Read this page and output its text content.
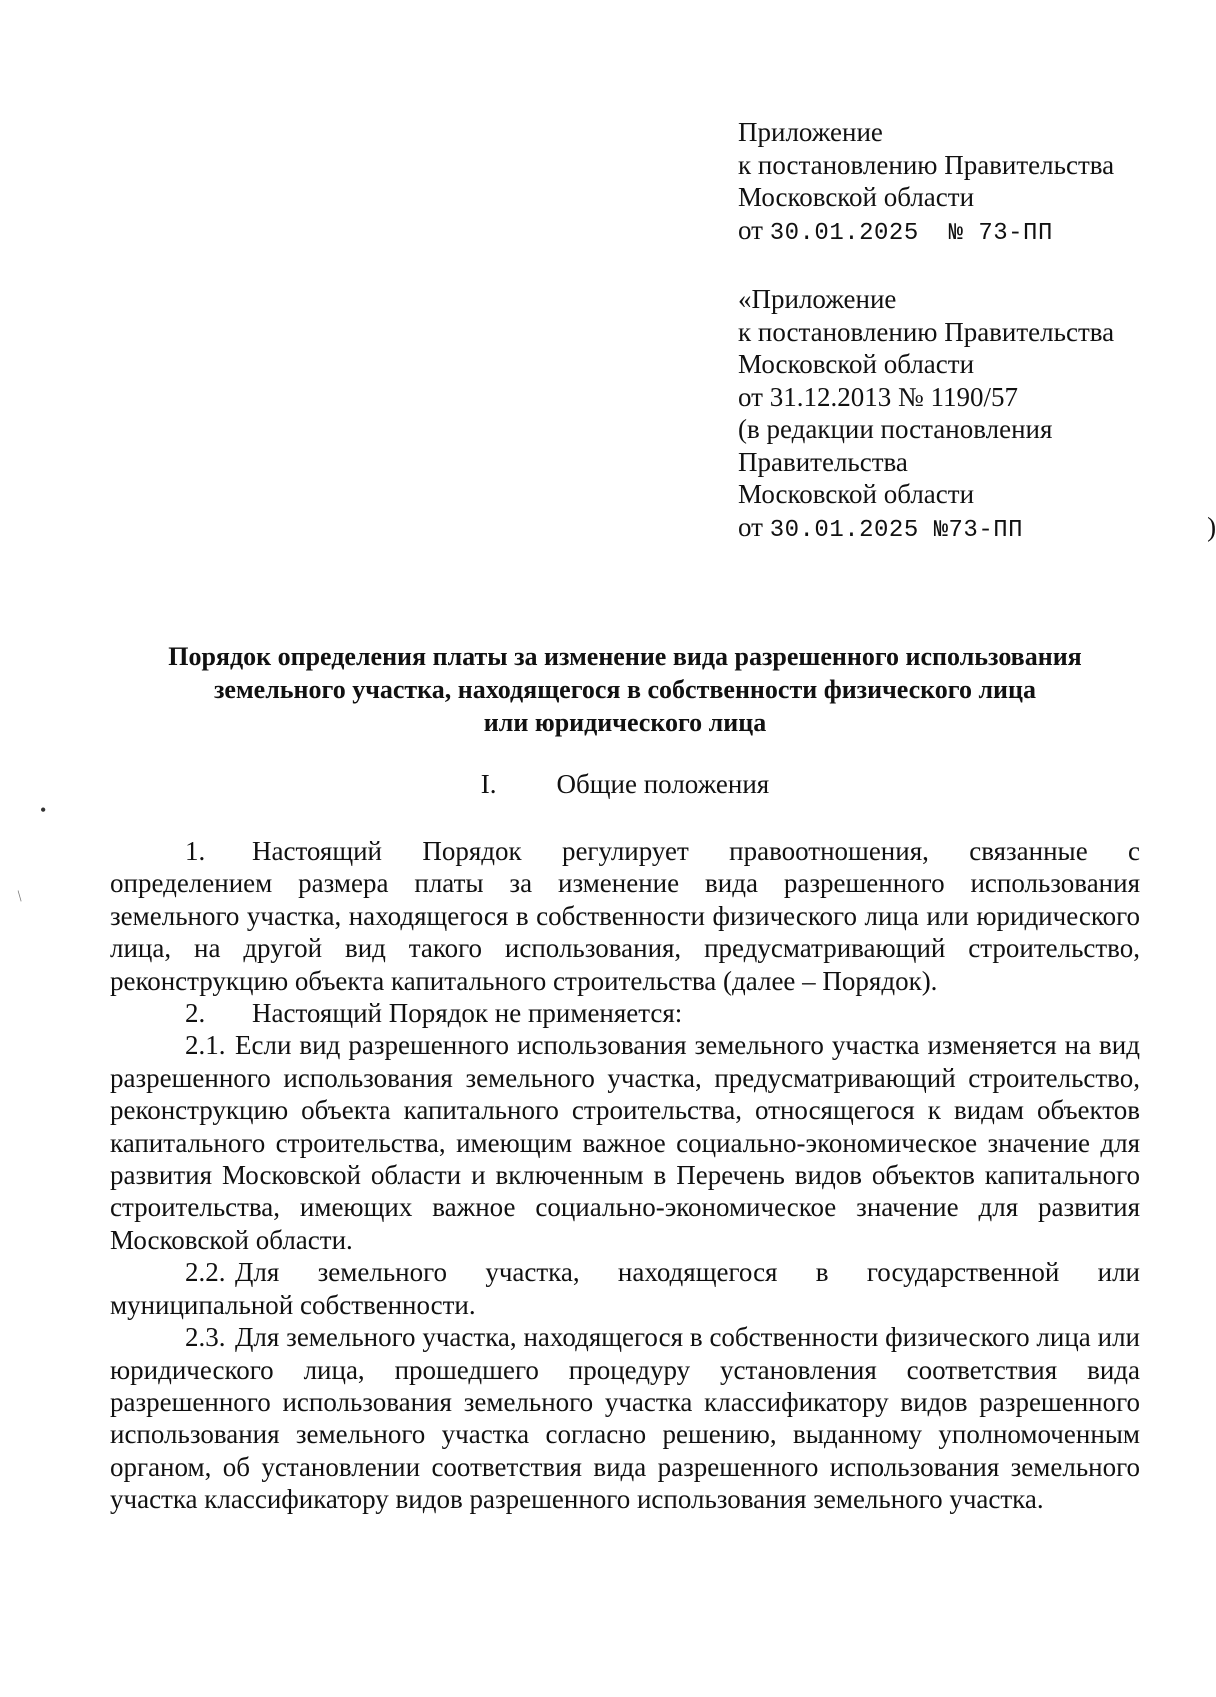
•
/
Приложение
к постановлению Правительства
Московской области
от 30.01.2025  № 73-ПП
«Приложение
к постановлению Правительства
Московской области
от 31.12.2013 № 1190/57
(в редакции постановления
Правительства
Московской области
от 30.01.2025 №73-ПП	)
Порядок определения платы за изменение вида разрешенного использования
земельного участка, находящегося в собственности физического лица
или юридического лица
I. Общие положения

1. Настоящий Порядок регулирует правоотношения, связанные с определением размера платы за изменение вида разрешенного использования земельного участка, находящегося в собственности физического лица или юридического лица, на другой вид такого использования, предусматривающий строительство, реконструкцию объекта капитального строительства (далее – Порядок).

2. Настоящий Порядок не применяется:

2.1. Если вид разрешенного использования земельного участка изменяется на вид разрешенного использования земельного участка, предусматривающий строительство, реконструкцию объекта капитального строительства, относящегося к видам объектов капитального строительства, имеющим важное социально-экономическое значение для развития Московской области и включенным в Перечень видов объектов капитального строительства, имеющих важное социально-экономическое значение для развития Московской области.

2.2. Для земельного участка, находящегося в государственной или муниципальной собственности.

2.3. Для земельного участка, находящегося в собственности физического лица или юридического лица, прошедшего процедуру установления соответствия вида разрешенного использования земельного участка классификатору видов разрешенного использования земельного участка согласно решению, выданному уполномоченным органом, об установлении соответствия вида разрешенного использования земельного участка классификатору видов разрешенного использования земельного участка.
